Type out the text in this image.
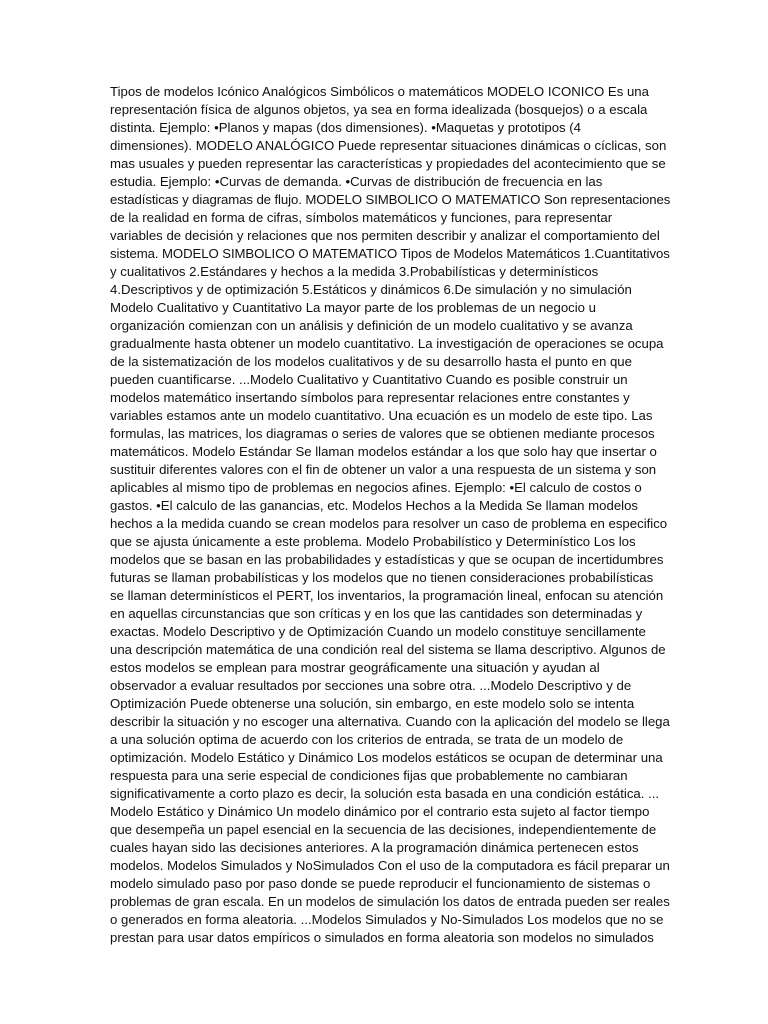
Tipos de modelos Icónico Analógicos Simbólicos o matemáticos MODELO ICONICO Es una
representación física de algunos objetos, ya sea en forma idealizada (bosquejos) o a escala
distinta. Ejemplo: •Planos y mapas (dos dimensiones). •Maquetas y prototipos (4
dimensiones). MODELO ANALÓGICO Puede representar situaciones dinámicas o cíclicas, son
mas usuales y pueden representar las características y propiedades del acontecimiento que se
estudia. Ejemplo: •Curvas de demanda. •Curvas de distribución de frecuencia en las
estadísticas y diagramas de flujo. MODELO SIMBOLICO O MATEMATICO Son representaciones
de la realidad en forma de cifras, símbolos matemáticos y funciones, para representar
variables de decisión y relaciones que nos permiten describir y analizar el comportamiento del
sistema. MODELO SIMBOLICO O MATEMATICO Tipos de Modelos Matemáticos 1.Cuantitativos
y cualitativos 2.Estándares y hechos a la medida 3.Probabilísticas y determinísticos
4.Descriptivos y de optimización 5.Estáticos y dinámicos 6.De simulación y no simulación
Modelo Cualitativo y Cuantitativo La mayor parte de los problemas de un negocio u
organización comienzan con un análisis y definición de un modelo cualitativo y se avanza
gradualmente hasta obtener un modelo cuantitativo. La investigación de operaciones se ocupa
de la sistematización de los modelos cualitativos y de su desarrollo hasta el punto en que
pueden cuantificarse. ...Modelo Cualitativo y Cuantitativo Cuando es posible construir un
modelos matemático insertando símbolos para representar relaciones entre constantes y
variables estamos ante un modelo cuantitativo. Una ecuación es un modelo de este tipo. Las
formulas, las matrices, los diagramas o series de valores que se obtienen mediante procesos
matemáticos. Modelo Estándar Se llaman modelos estándar a los que solo hay que insertar o
sustituir diferentes valores con el fin de obtener un valor a una respuesta de un sistema y son
aplicables al mismo tipo de problemas en negocios afines. Ejemplo: •El calculo de costos o
gastos. •El calculo de las ganancias, etc. Modelos Hechos a la Medida Se llaman modelos
hechos a la medida cuando se crean modelos para resolver un caso de problema en especifico
que se ajusta únicamente a este problema. Modelo Probabilístico y Determinístico Los los
modelos que se basan en las probabilidades y estadísticas y que se ocupan de incertidumbres
futuras se llaman probabilísticas y los modelos que no tienen consideraciones probabilísticas
se llaman determinísticos el PERT, los inventarios, la programación lineal, enfocan su atención
en aquellas circunstancias que son críticas y en los que las cantidades son determinadas y
exactas. Modelo Descriptivo y de Optimización Cuando un modelo constituye sencillamente
una descripción matemática de una condición real del sistema se llama descriptivo. Algunos de
estos modelos se emplean para mostrar geográficamente una situación y ayudan al
observador a evaluar resultados por secciones una sobre otra. ...Modelo Descriptivo y de
Optimización Puede obtenerse una solución, sin embargo, en este modelo solo se intenta
describir la situación y no escoger una alternativa. Cuando con la aplicación del modelo se llega
a una solución optima de acuerdo con los criterios de entrada, se trata de un modelo de
optimización. Modelo Estático y Dinámico Los modelos estáticos se ocupan de determinar una
respuesta para una serie especial de condiciones fijas que probablemente no cambiaran
significativamente a corto plazo es decir, la solución esta basada en una condición estática. ...
Modelo Estático y Dinámico Un modelo dinámico por el contrario esta sujeto al factor tiempo
que desempeña un papel esencial en la secuencia de las decisiones, independientemente de
cuales hayan sido las decisiones anteriores. A la programación dinámica pertenecen estos
modelos. Modelos Simulados y NoSimulados Con el uso de la computadora es fácil preparar un
modelo simulado paso por paso donde se puede reproducir el funcionamiento de sistemas o
problemas de gran escala. En un modelos de simulación los datos de entrada pueden ser reales
o generados en forma aleatoria. ...Modelos Simulados y No-Simulados Los modelos que no se
prestan para usar datos empíricos o simulados en forma aleatoria son modelos no simulados
